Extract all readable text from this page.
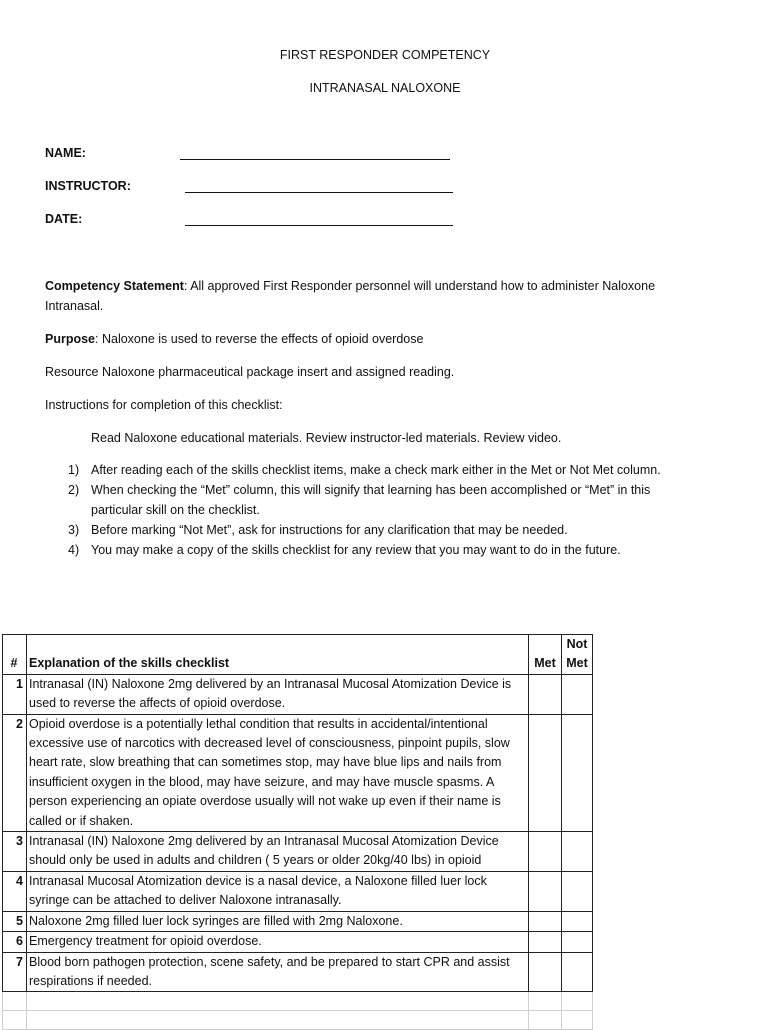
FIRST RESPONDER COMPETENCY
INTRANASAL NALOXONE
NAME:
INSTRUCTOR:
DATE:
Competency Statement: All approved First Responder personnel will understand how to administer Naloxone Intranasal.
Purpose: Naloxone is used to reverse the effects of opioid overdose
Resource Naloxone pharmaceutical package insert and assigned reading.
Instructions for completion of this checklist:
Read Naloxone educational materials. Review instructor-led materials. Review video.
1) After reading each of the skills checklist items, make a check mark either in the Met or Not Met column.
2) When checking the “Met” column, this will signify that learning has been accomplished or “Met” in this particular skill on the checklist.
3) Before marking “Not Met”, ask for instructions for any clarification that may be needed.
4) You may make a copy of the skills checklist for any review that you may want to do in the future.
#	Explanation of the skills checklist	Met	Not
Met
1	Intranasal (IN) Naloxone 2mg delivered by an Intranasal Mucosal Atomization Device is used to reverse the affects of opioid overdose.		
2	Opioid overdose is a potentially lethal condition that results in accidental/intentional excessive use of narcotics with decreased level of consciousness, pinpoint pupils, slow heart rate, slow breathing that can sometimes stop, may have blue lips and nails from insufficient oxygen in the blood, may have seizure, and may have muscle spasms. A person experiencing an opiate overdose usually will not wake up even if their name is called or if shaken.		
3	Intranasal (IN) Naloxone 2mg delivered by an Intranasal Mucosal Atomization Device should only be used in adults and children ( 5 years or older 20kg/40 lbs) in opioid		
4	Intranasal Mucosal Atomization device is a nasal device, a Naloxone filled luer lock syringe can be attached to deliver Naloxone intranasally.		
5	Naloxone 2mg filled luer lock syringes are filled with 2mg Naloxone.		
6	Emergency treatment for opioid overdose.		
7	Blood born pathogen protection, scene safety, and be prepared to start CPR and assist respirations if needed.		
